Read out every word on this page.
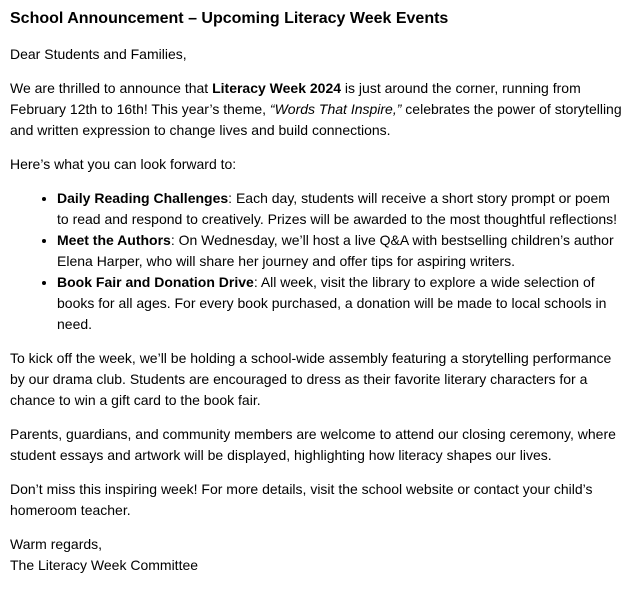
School Announcement – Upcoming Literacy Week Events

Dear Students and Families,

We are thrilled to announce that Literacy Week 2024 is just around the corner, running from February 12th to 16th! This year’s theme, “Words That Inspire,” celebrates the power of storytelling and written expression to change lives and build connections.

Here’s what you can look forward to:

• Daily Reading Challenges: Each day, students will receive a short story prompt or poem to read and respond to creatively. Prizes will be awarded to the most thoughtful reflections!
• Meet the Authors: On Wednesday, we’ll host a live Q&A with bestselling children’s author Elena Harper, who will share her journey and offer tips for aspiring writers.
• Book Fair and Donation Drive: All week, visit the library to explore a wide selection of books for all ages. For every book purchased, a donation will be made to local schools in need.

To kick off the week, we’ll be holding a school-wide assembly featuring a storytelling performance by our drama club. Students are encouraged to dress as their favorite literary characters for a chance to win a gift card to the book fair.

Parents, guardians, and community members are welcome to attend our closing ceremony, where student essays and artwork will be displayed, highlighting how literacy shapes our lives.

Don’t miss this inspiring week! For more details, visit the school website or contact your child’s homeroom teacher.

Warm regards,
The Literacy Week Committee
